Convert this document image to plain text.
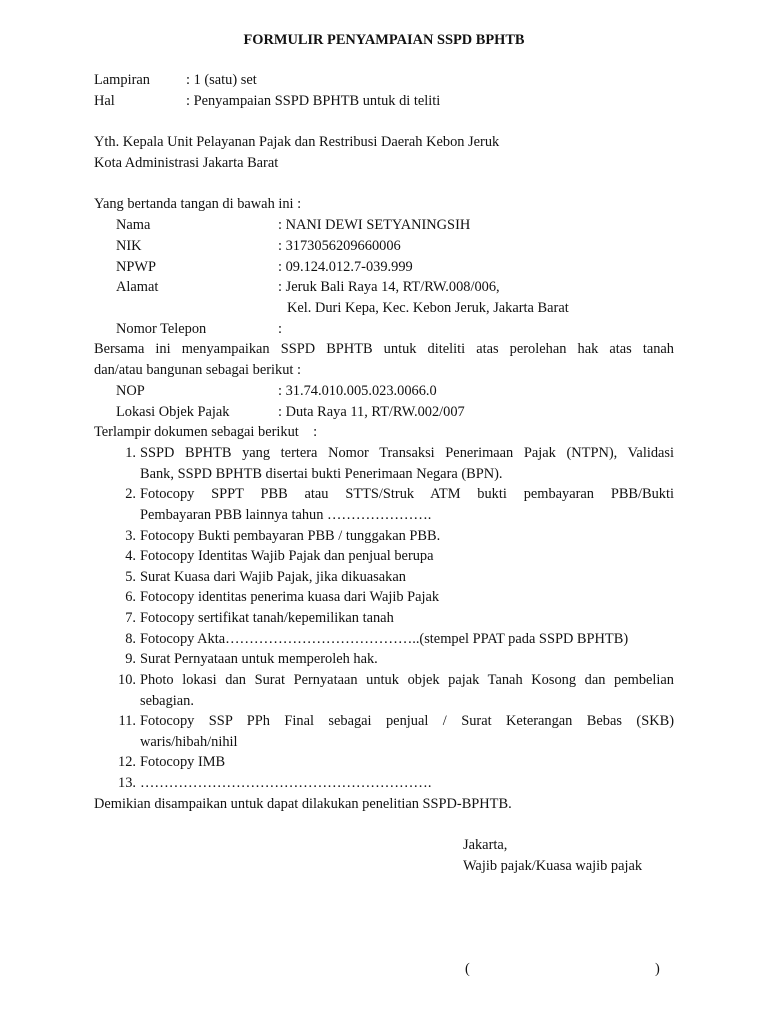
FORMULIR PENYAMPAIAN SSPD BPHTB
Lampiran	: 1 (satu) set
Hal	: Penyampaian SSPD BPHTB untuk di teliti
Yth. Kepala Unit Pelayanan Pajak dan Restribusi Daerah Kebon Jeruk
Kota Administrasi Jakarta Barat
Yang bertanda tangan di bawah ini :
Nama	: NANI DEWI SETYANINGSIH
NIK	: 3173056209660006
NPWP	: 09.124.012.7-039.999
Alamat	: Jeruk Bali Raya 14, RT/RW.008/006,
Kel. Duri Kepa, Kec. Kebon Jeruk, Jakarta Barat
Nomor Telepon	:
Bersama ini menyampaikan SSPD BPHTB untuk diteliti atas perolehan hak atas tanah
dan/atau bangunan sebagai berikut :
NOP	: 31.74.010.005.023.0066.0
Lokasi Objek Pajak	: Duta Raya 11, RT/RW.002/007
Terlampir dokumen sebagai berikut    :
1. SSPD BPHTB yang tertera Nomor Transaksi Penerimaan Pajak (NTPN), Validasi
Bank, SSPD BPHTB disertai bukti Penerimaan Negara (BPN).
2. Fotocopy SPPT PBB atau STTS/Struk ATM bukti pembayaran PBB/Bukti
Pembayaran PBB lainnya tahun ………………….
3. Fotocopy Bukti pembayaran PBB / tunggakan PBB.
4. Fotocopy Identitas Wajib Pajak dan penjual berupa
5. Surat Kuasa dari Wajib Pajak, jika dikuasakan
6. Fotocopy identitas penerima kuasa dari Wajib Pajak
7. Fotocopy sertifikat tanah/kepemilikan tanah
8. Fotocopy Akta…………………………………..(stempel PPAT pada SSPD BPHTB)
9. Surat Pernyataan untuk memperoleh hak.
10. Photo lokasi dan Surat Pernyataan untuk objek pajak Tanah Kosong dan pembelian
sebagian.
11. Fotocopy SSP PPh Final sebagai penjual / Surat Keterangan Bebas (SKB)
waris/hibah/nihil
12. Fotocopy IMB
13. …………………………………………………….
Demikian disampaikan untuk dapat dilakukan penelitian SSPD-BPHTB.
Jakarta,
Wajib pajak/Kuasa wajib pajak
(	)
